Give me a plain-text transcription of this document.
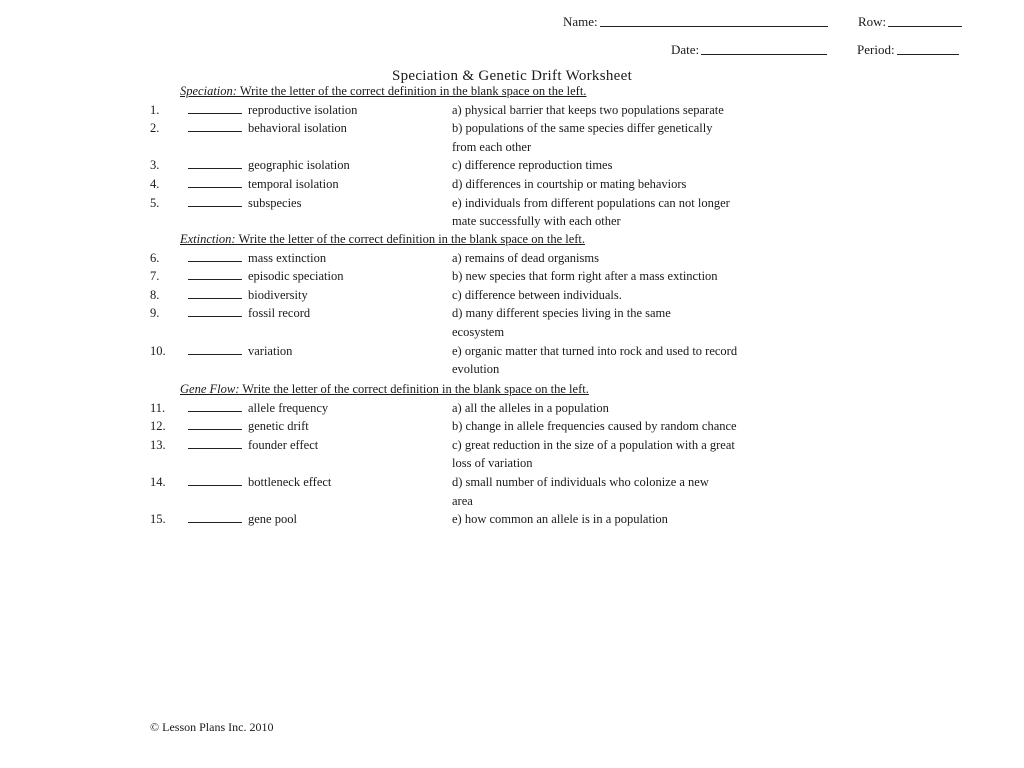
Name:	Row:
Date:	Period:
Speciation & Genetic Drift Worksheet
Speciation: Write the letter of the correct definition in the blank space on the left.
1.	reproductive isolation	a) physical barrier that keeps two populations separate
2.	behavioral isolation	b) populations of the same species differ genetically
from each other
3.	geographic isolation	c) difference reproduction times
4.	temporal isolation	d) differences in courtship or mating behaviors
5.	subspecies	e) individuals from different populations can not longer
mate successfully with each other
Extinction: Write the letter of the correct definition in the blank space on the left.
6.	mass extinction	a) remains of dead organisms
7.	episodic speciation	b) new species that form right after a mass extinction
8.	biodiversity	c) difference between individuals.
9.	fossil record	d) many different species living in the same
ecosystem
10.	variation	e) organic matter that turned into rock and used to record
evolution
Gene Flow: Write the letter of the correct definition in the blank space on the left.
11.	allele frequency	a) all the alleles in a population
12.	genetic drift	b) change in allele frequencies caused by random chance
13.	founder effect	c) great reduction in the size of a population with a great
loss of variation
14.	bottleneck effect	d) small number of individuals who colonize a new
area
15.	gene pool	e) how common an allele is in a population
© Lesson Plans Inc. 2010
